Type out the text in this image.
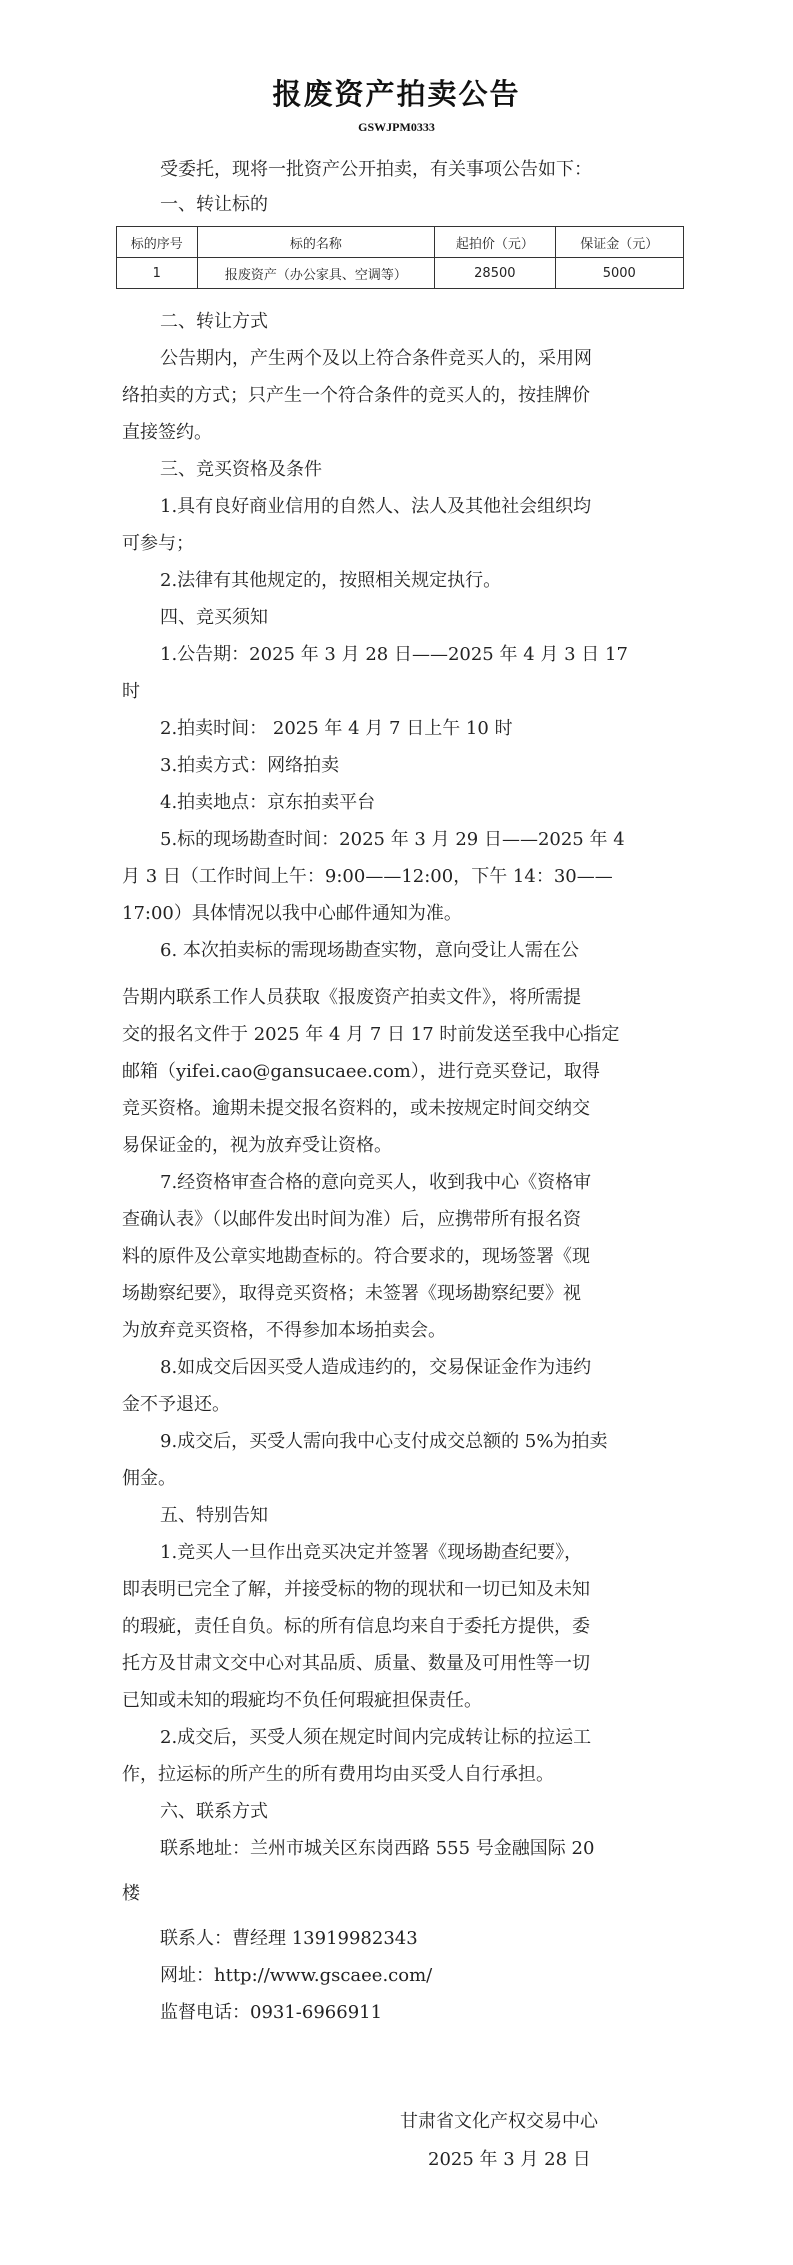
报废资产拍卖公告
GSWJPM0333
受委托，现将一批资产公开拍卖，有关事项公告如下：
一、转让标的
标的序号	标的名称	起拍价（元）	保证金（元）
1	报废资产（办公家具、空调等）	28500	5000
二、转让方式
公告期内，产生两个及以上符合条件竞买人的，采用网
络拍卖的方式；只产生一个符合条件的竞买人的，按挂牌价
直接签约。
三、竞买资格及条件
1.具有良好商业信用的自然人、法人及其他社会组织均
可参与；
2.法律有其他规定的，按照相关规定执行。
四、竞买须知
1.公告期：2025 年 3 月 28 日——2025 年 4 月 3 日 17
时
2.拍卖时间： 2025 年 4 月 7 日上午 10 时
3.拍卖方式：网络拍卖
4.拍卖地点：京东拍卖平台
5.标的现场勘查时间：2025 年 3 月 29 日——2025 年 4
月 3 日（工作时间上午：9:00——12:00，下午 14：30——
17:00）具体情况以我中心邮件通知为准。
6. 本次拍卖标的需现场勘查实物，意向受让人需在公
告期内联系工作人员获取《报废资产拍卖文件》，将所需提
交的报名文件于 2025 年 4 月 7 日 17 时前发送至我中心指定
邮箱（yifei.cao@gansucaee.com），进行竞买登记，取得
竞买资格。逾期未提交报名资料的，或未按规定时间交纳交
易保证金的，视为放弃受让资格。
7.经资格审查合格的意向竞买人，收到我中心《资格审
查确认表》（以邮件发出时间为准）后，应携带所有报名资
料的原件及公章实地勘查标的。符合要求的，现场签署《现
场勘察纪要》，取得竞买资格；未签署《现场勘察纪要》视
为放弃竞买资格，不得参加本场拍卖会。
8.如成交后因买受人造成违约的，交易保证金作为违约
金不予退还。
9.成交后，买受人需向我中心支付成交总额的 5%为拍卖
佣金。
五、特别告知
1.竞买人一旦作出竞买决定并签署《现场勘查纪要》，
即表明已完全了解，并接受标的物的现状和一切已知及未知
的瑕疵，责任自负。标的所有信息均来自于委托方提供，委
托方及甘肃文交中心对其品质、质量、数量及可用性等一切
已知或未知的瑕疵均不负任何瑕疵担保责任。
2.成交后，买受人须在规定时间内完成转让标的拉运工
作，拉运标的所产生的所有费用均由买受人自行承担。
六、联系方式
联系地址：兰州市城关区东岗西路 555 号金融国际 20
楼
联系人：曹经理 13919982343
网址：http://www.gscaee.com/
监督电话：0931-6966911
甘肃省文化产权交易中心
2025 年 3 月 28 日
